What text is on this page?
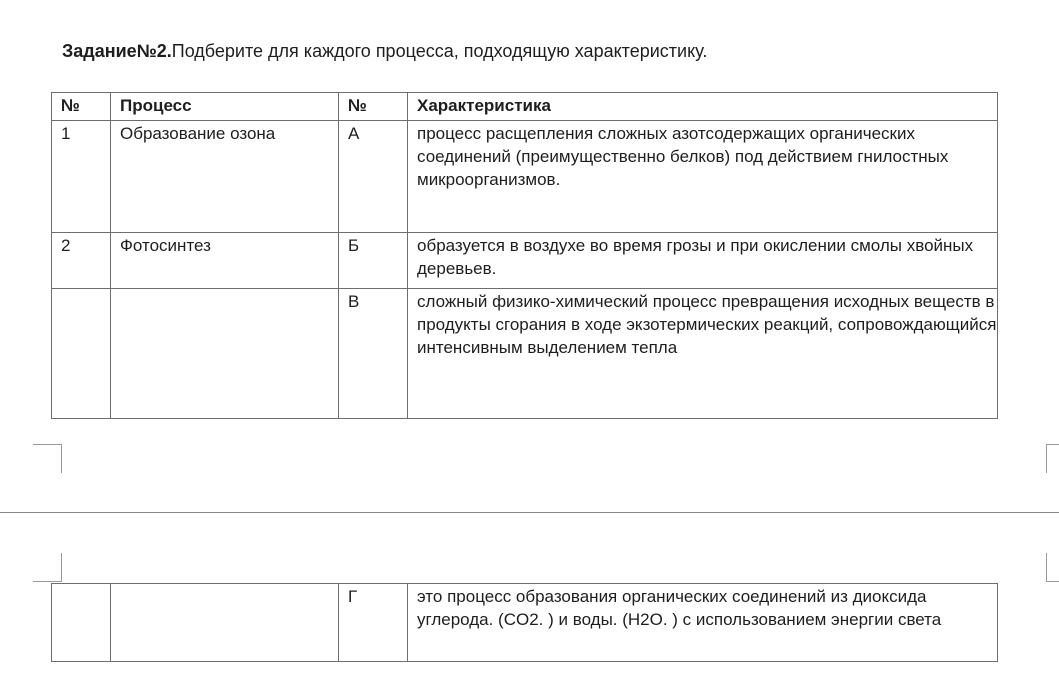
Задание№2.Подберите для каждого процесса, подходящую характеристику.
№	Процесс	№	Характеристика
1	Образование озона	А	процесс расщепления сложных азотсодержащих органических соединений (преимущественно белков) под действием гнилостных микроорганизмов.
2	Фотосинтез	Б	образуется в воздухе во время грозы и при окислении смолы хвойных деревьев.
		В	сложный физико-химический процесс превращения исходных веществ в продукты сгорания в ходе экзотермических реакций, сопровождающийся интенсивным выделением тепла
		Г	это процесс образования органических соединений из диоксида углерода. (CO2. ) и воды. (H2O. ) с использованием энергии света
